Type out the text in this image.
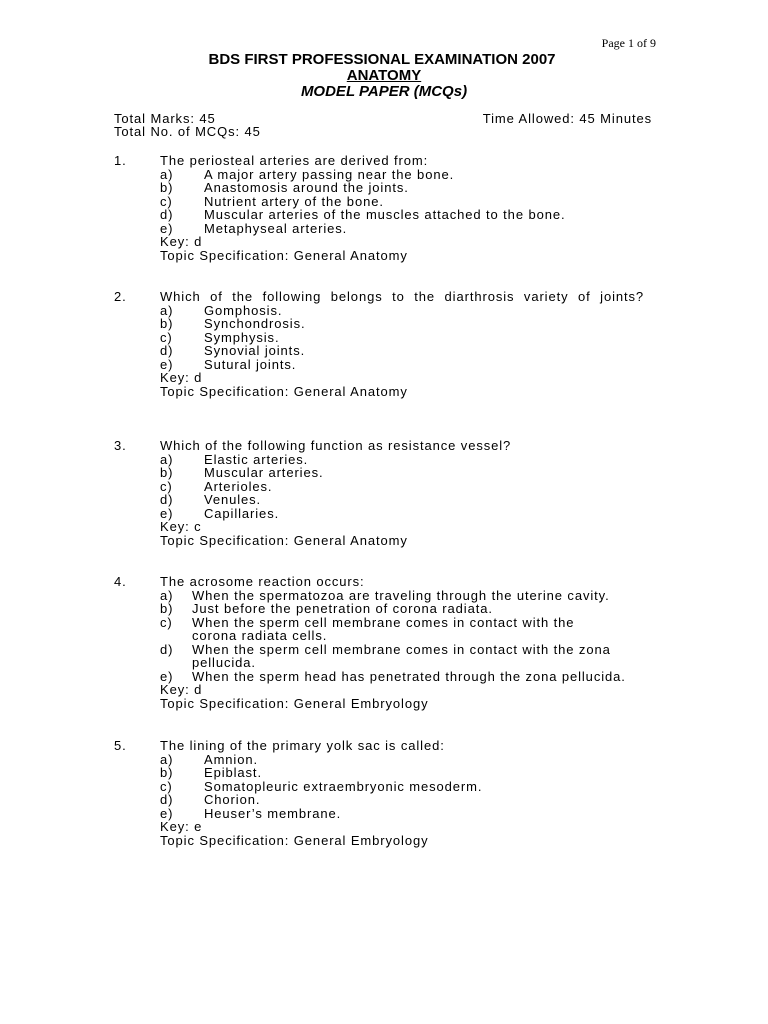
Page 1 of 9
BDS FIRST PROFESSIONAL EXAMINATION 2007
ANATOMY
MODEL PAPER (MCQs)
Total Marks: 45	Time Allowed: 45 Minutes
Total No. of MCQs: 45
1.	The periosteal arteries are derived from:
a) A major artery passing near the bone.
b) Anastomosis around the joints.
c) Nutrient artery of the bone.
d) Muscular arteries of the muscles attached to the bone.
e) Metaphyseal arteries.
Key: d
Topic Specification: General Anatomy
2.	Which of the following belongs to the diarthrosis variety of joints?
a) Gomphosis.
b) Synchondrosis.
c) Symphysis.
d) Synovial joints.
e) Sutural joints.
Key: d
Topic Specification: General Anatomy
3.	Which of the following function as resistance vessel?
a) Elastic arteries.
b) Muscular arteries.
c) Arterioles.
d) Venules.
e) Capillaries.
Key: c
Topic Specification: General Anatomy
4.	The acrosome reaction occurs:
a) When the spermatozoa are traveling through the uterine cavity.
b) Just before the penetration of corona radiata.
c) When the sperm cell membrane comes in contact with the corona radiata cells.
d) When the sperm cell membrane comes in contact with the zona pellucida.
e) When the sperm head has penetrated through the zona pellucida.
Key: d
Topic Specification: General Embryology
5.	The lining of the primary yolk sac is called:
a) Amnion.
b) Epiblast.
c) Somatopleuric extraembryonic mesoderm.
d) Chorion.
e) Heuser’s membrane.
Key: e
Topic Specification: General Embryology
